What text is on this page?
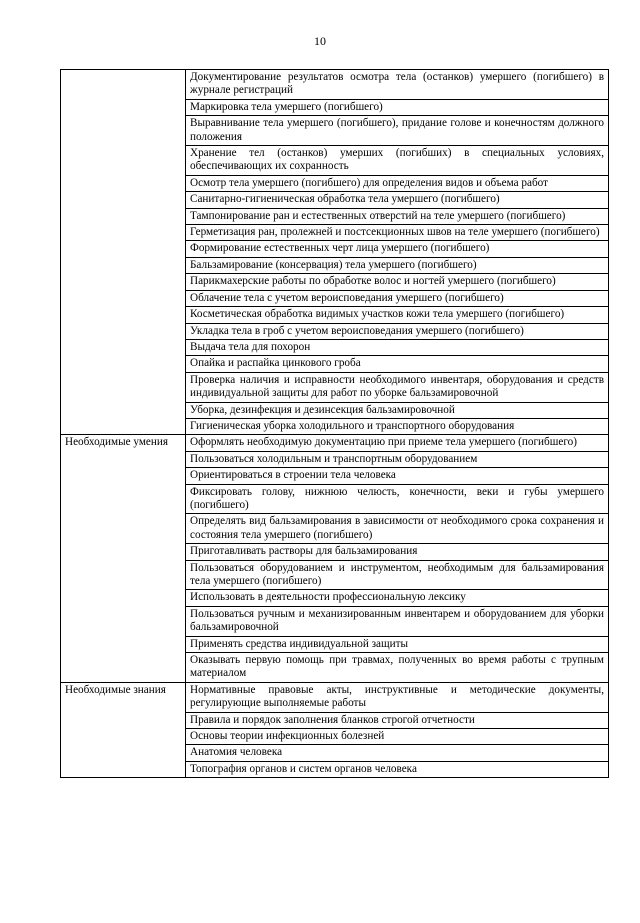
10
	Документирование результатов осмотра тела (останков) умершего (погибшего) в журнале регистраций
	Маркировка тела умершего (погибшего)
	Выравнивание тела умершего (погибшего), придание голове и конечностям должного положения
	Хранение тел (останков) умерших (погибших) в специальных условиях, обеспечивающих их сохранность
	Осмотр тела умершего (погибшего) для определения видов и объема работ
	Санитарно-гигиеническая обработка тела умершего (погибшего)
	Тампонирование ран и естественных отверстий на теле умершего (погибшего)
	Герметизация ран, пролежней и постсекционных швов на теле умершего (погибшего)
	Формирование естественных черт лица умершего (погибшего)
	Бальзамирование (консервация) тела умершего (погибшего)
	Парикмахерские работы по обработке волос и ногтей умершего (погибшего)
	Облачение тела с учетом вероисповедания умершего (погибшего)
	Косметическая обработка видимых участков кожи тела умершего (погибшего)
	Укладка тела в гроб с учетом вероисповедания умершего (погибшего)
	Выдача тела для похорон
	Опайка и распайка цинкового гроба
	Проверка наличия и исправности необходимого инвентаря, оборудования и средств индивидуальной защиты для работ по уборке бальзамировочной
	Уборка, дезинфекция и дезинсекция бальзамировочной
	Гигиеническая уборка холодильного и транспортного оборудования
Необходимые умения	Оформлять необходимую документацию при приеме тела умершего (погибшего)
	Пользоваться холодильным и транспортным оборудованием
	Ориентироваться в строении тела человека
	Фиксировать голову, нижнюю челюсть, конечности, веки и губы умершего (погибшего)
	Определять вид бальзамирования в зависимости от необходимого срока сохранения и состояния тела умершего (погибшего)
	Приготавливать растворы для бальзамирования
	Пользоваться оборудованием и инструментом, необходимым для бальзамирования тела умершего (погибшего)
	Использовать в деятельности профессиональную лексику
	Пользоваться ручным и механизированным инвентарем и оборудованием для уборки бальзамировочной
	Применять средства индивидуальной защиты
	Оказывать первую помощь при травмах, полученных во время работы с трупным материалом
Необходимые знания	Нормативные правовые акты, инструктивные и методические документы, регулирующие выполняемые работы
	Правила и порядок заполнения бланков строгой отчетности
	Основы теории инфекционных болезней
	Анатомия человека
	Топография органов и систем органов человека
